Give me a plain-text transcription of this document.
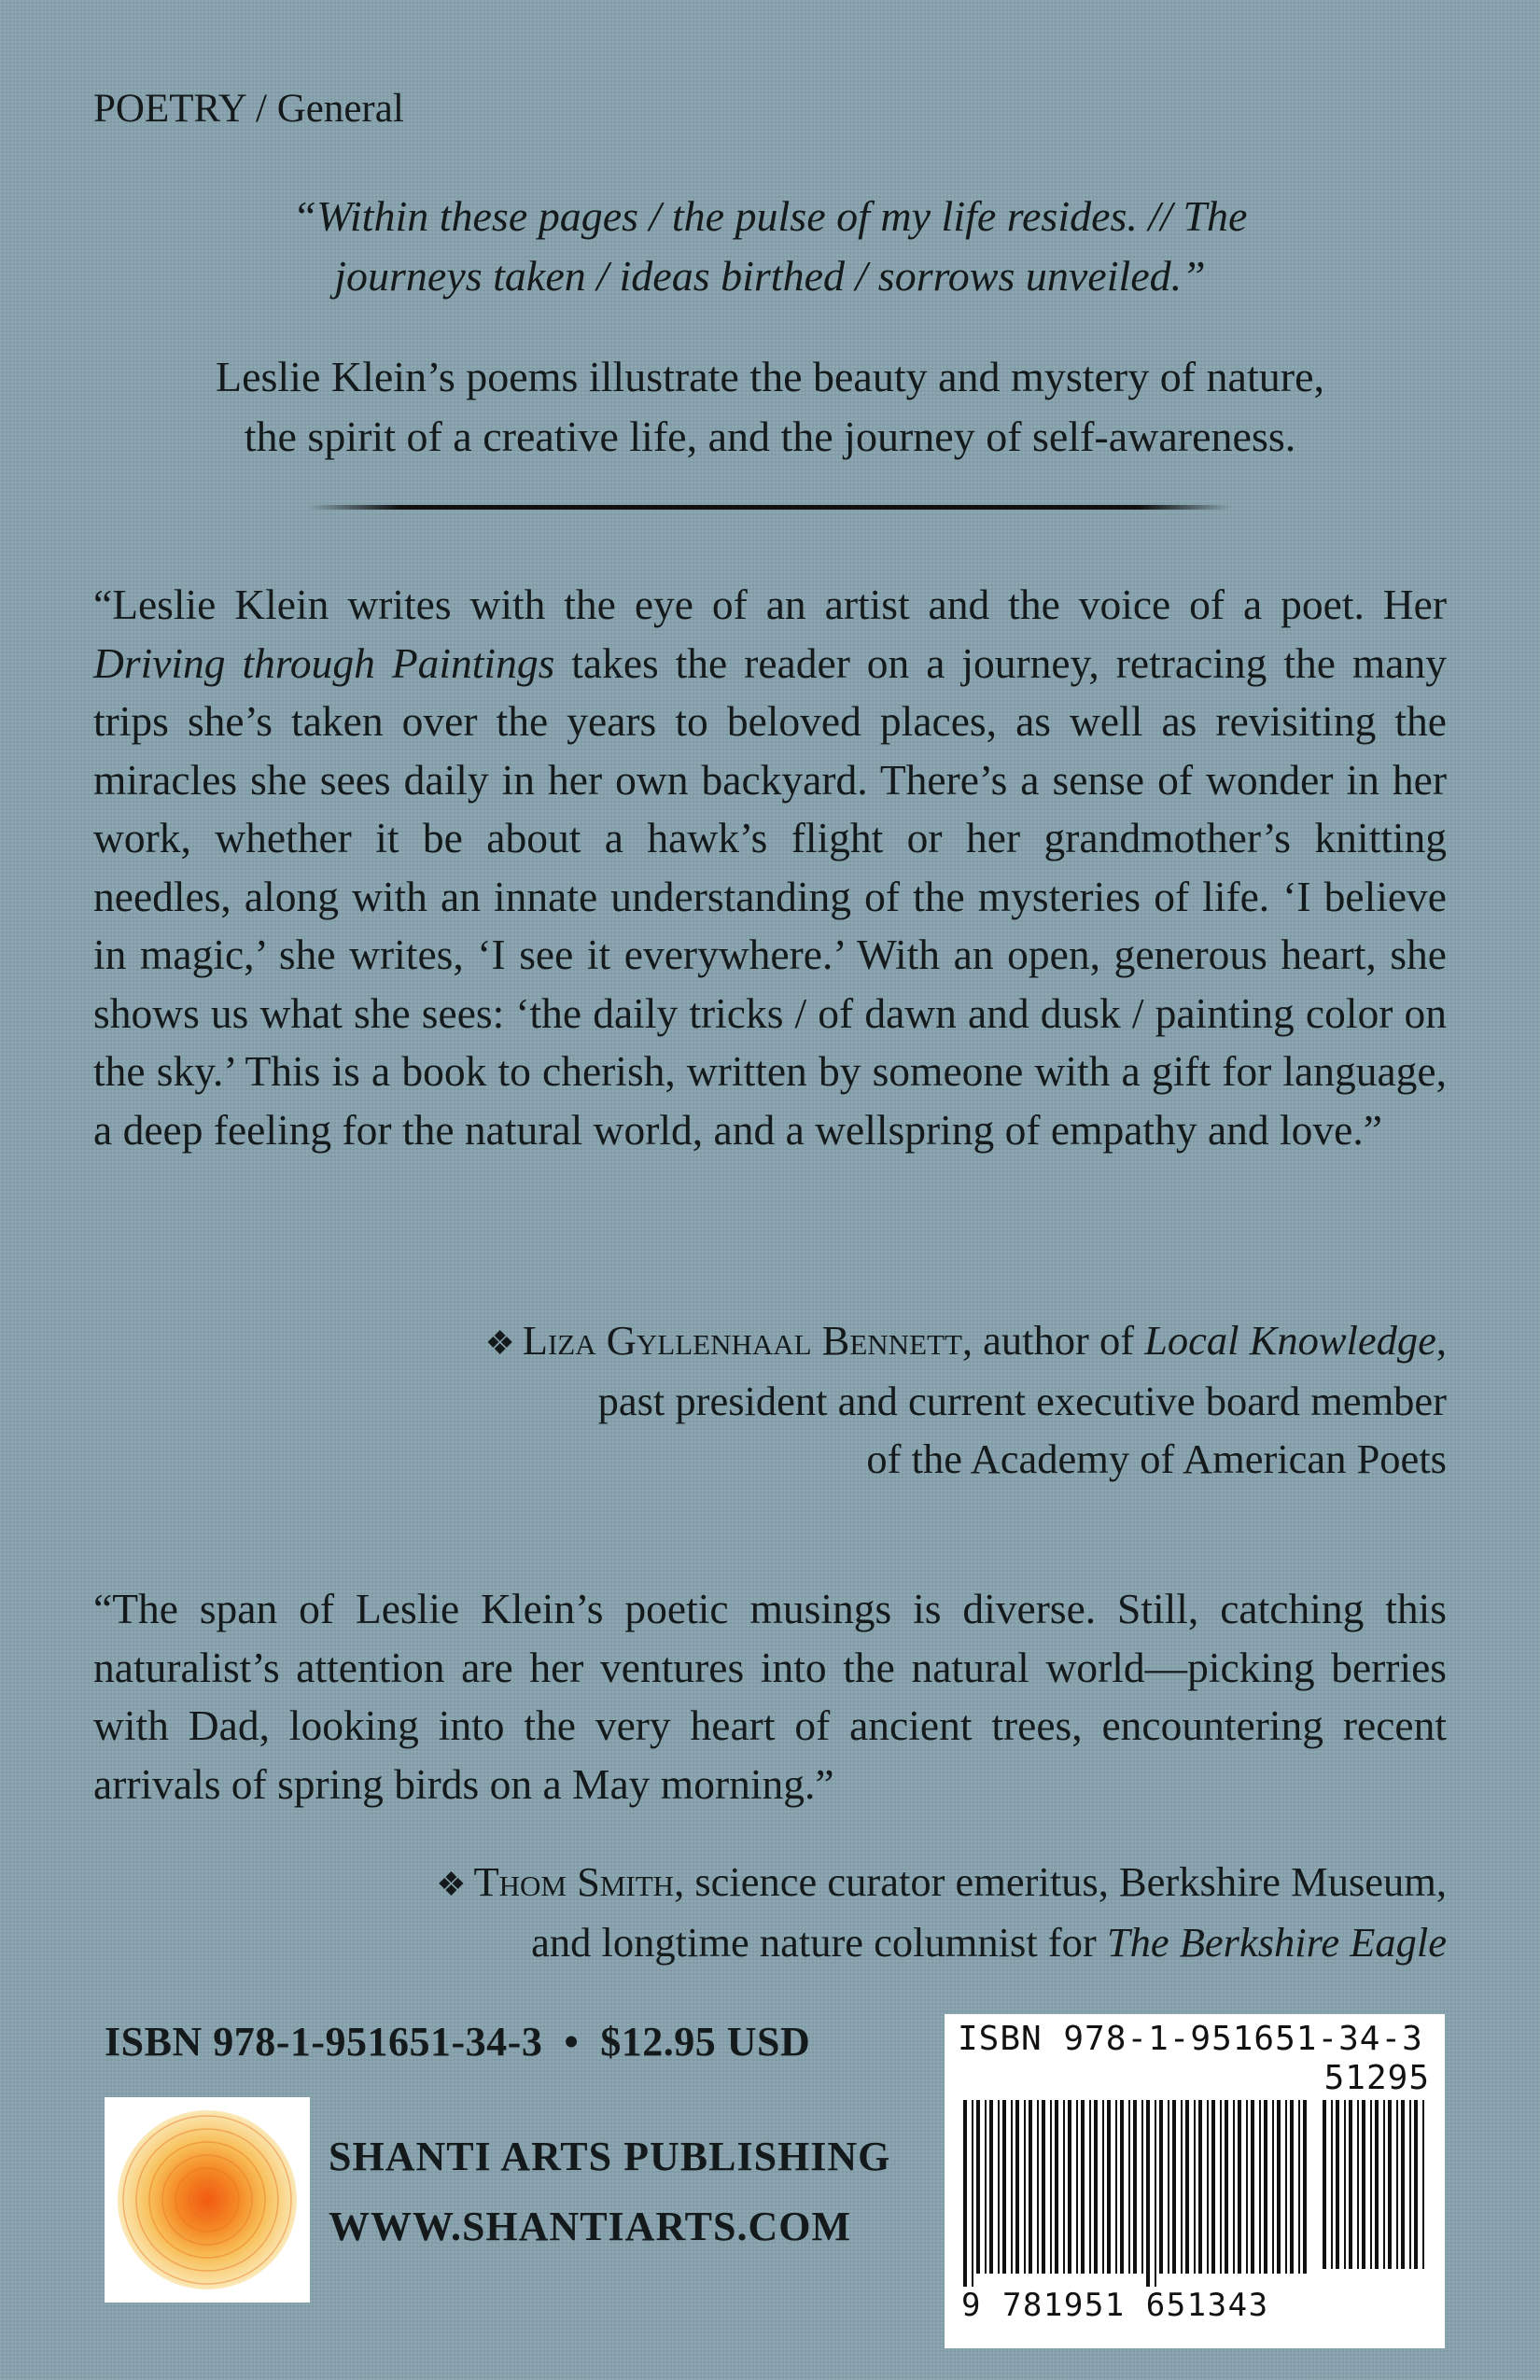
POETRY / General
“Within these pages / the pulse of my life resides. // The
journeys taken / ideas birthed / sorrows unveiled.”
Leslie Klein’s poems illustrate the beauty and mystery of nature,
the spirit of a creative life, and the journey of self-awareness.
“Leslie Klein writes with the eye of an artist and the voice of a poet. Her Driving through Paintings takes the reader on a journey, retracing the many trips she’s taken over the years to beloved places, as well as revisiting the miracles she sees daily in her own backyard. There’s a sense of wonder in her work, whether it be about a hawk’s flight or her grandmother’s knitting needles, along with an innate understanding of the mysteries of life. ‘I believe in magic,’ she writes, ‘I see it everywhere.’ With an open, generous heart, she shows us what she sees: ‘the daily tricks / of dawn and dusk / painting color on the sky.’ This is a book to cherish, written by someone with a gift for language, a deep feeling for the natural world, and a wellspring of empathy and love.”
❖ Liza Gyllenhaal Bennett, author of Local Knowledge,
past president and current executive board member
of the Academy of American Poets
“The span of Leslie Klein’s poetic musings is diverse. Still, catching this naturalist’s attention are her ventures into the natural world—picking berries with Dad, looking into the very heart of ancient trees, encountering recent arrivals of spring birds on a May morning.”
❖ Thom Smith, science curator emeritus, Berkshire Museum,
and longtime nature columnist for The Berkshire Eagle
ISBN 978-1-951651-34-3  •  $12.95 USD
SHANTI ARTS PUBLISHING
WWW.SHANTIARTS.COM
ISBN 978-1-951651-34-3
51295
9 781951 651343
